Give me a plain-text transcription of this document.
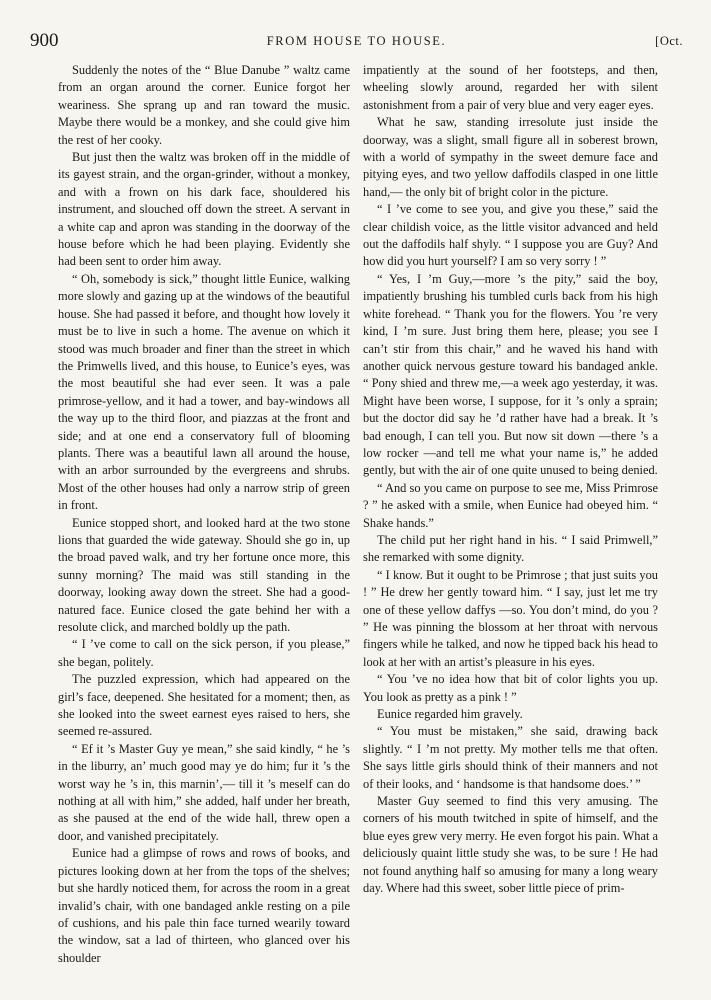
900	FROM HOUSE TO HOUSE.	[Oct.

Suddenly the notes of the “ Blue Danube ” waltz came from an organ around the corner. Eunice forgot her weariness. She sprang up and ran toward the music. Maybe there would be a monkey, and she could give him the rest of her cooky.

But just then the waltz was broken off in the middle of its gayest strain, and the organ-grinder, without a monkey, and with a frown on his dark face, shouldered his instrument, and slouched off down the street. A servant in a white cap and apron was standing in the doorway of the house before which he had been playing. Evidently she had been sent to order him away.

“ Oh, somebody is sick,” thought little Eunice, walking more slowly and gazing up at the windows of the beautiful house. She had passed it before, and thought how lovely it must be to live in such a home. The avenue on which it stood was much broader and finer than the street in which the Primwells lived, and this house, to Eunice’s eyes, was the most beautiful she had ever seen. It was a pale primrose-yellow, and it had a tower, and bay-windows all the way up to the third floor, and piazzas at the front and side; and at one end a conservatory full of blooming plants. There was a beautiful lawn all around the house, with an arbor surrounded by the evergreens and shrubs. Most of the other houses had only a narrow strip of green in front.

Eunice stopped short, and looked hard at the two stone lions that guarded the wide gateway. Should she go in, up the broad paved walk, and try her fortune once more, this sunny morning? The maid was still standing in the doorway, looking away down the street. She had a good-natured face. Eunice closed the gate behind her with a resolute click, and marched boldly up the path.

“ I ’ve come to call on the sick person, if you please,” she began, politely.

The puzzled expression, which had appeared on the girl’s face, deepened. She hesitated for a moment; then, as she looked into the sweet earnest eyes raised to hers, she seemed re-assured.

“ Ef it ’s Master Guy ye mean,” she said kindly, “ he ’s in the liburry, an’ much good may ye do him; fur it ’s the worst way he ’s in, this marnin’,— till it ’s meself can do nothing at all with him,” she added, half under her breath, as she paused at the end of the wide hall, threw open a door, and vanished precipitately.

Eunice had a glimpse of rows and rows of books, and pictures looking down at her from the tops of the shelves; but she hardly noticed them, for across the room in a great invalid’s chair, with one bandaged ankle resting on a pile of cushions, and his pale thin face turned wearily toward the window, sat a lad of thirteen, who glanced over his shoulder

impatiently at the sound of her footsteps, and then, wheeling slowly around, regarded her with silent astonishment from a pair of very blue and very eager eyes.

What he saw, standing irresolute just inside the doorway, was a slight, small figure all in soberest brown, with a world of sympathy in the sweet demure face and pitying eyes, and two yellow daffodils clasped in one little hand,— the only bit of bright color in the picture.

“ I ’ve come to see you, and give you these,” said the clear childish voice, as the little visitor advanced and held out the daffodils half shyly. “ I suppose you are Guy? And how did you hurt yourself? I am so very sorry ! ”

“ Yes, I ’m Guy,—more ’s the pity,” said the boy, impatiently brushing his tumbled curls back from his high white forehead. “ Thank you for the flowers. You ’re very kind, I ’m sure. Just bring them here, please; you see I can’t stir from this chair,” and he waved his hand with another quick nervous gesture toward his bandaged ankle. “ Pony shied and threw me,—a week ago yesterday, it was. Might have been worse, I suppose, for it ’s only a sprain; but the doctor did say he ’d rather have had a break. It ’s bad enough, I can tell you. But now sit down —there ’s a low rocker —and tell me what your name is,” he added gently, but with the air of one quite unused to being denied.

“ And so you came on purpose to see me, Miss Primrose ? ” he asked with a smile, when Eunice had obeyed him. “ Shake hands.”

The child put her right hand in his. “ I said Primwell,” she remarked with some dignity.

“ I know. But it ought to be Primrose ; that just suits you ! ” He drew her gently toward him. “ I say, just let me try one of these yellow daffys —so. You don’t mind, do you ? ” He was pinning the blossom at her throat with nervous fingers while he talked, and now he tipped back his head to look at her with an artist’s pleasure in his eyes.

“ You ’ve no idea how that bit of color lights you up. You look as pretty as a pink ! ”

Eunice regarded him gravely.

“ You must be mistaken,” she said, drawing back slightly. “ I ’m not pretty. My mother tells me that often. She says little girls should think of their manners and not of their looks, and ‘ handsome is that handsome does.’ ”

Master Guy seemed to find this very amusing. The corners of his mouth twitched in spite of himself, and the blue eyes grew very merry. He even forgot his pain. What a deliciously quaint little study she was, to be sure ! He had not found anything half so amusing for many a long weary day. Where had this sweet, sober little piece of prim-
